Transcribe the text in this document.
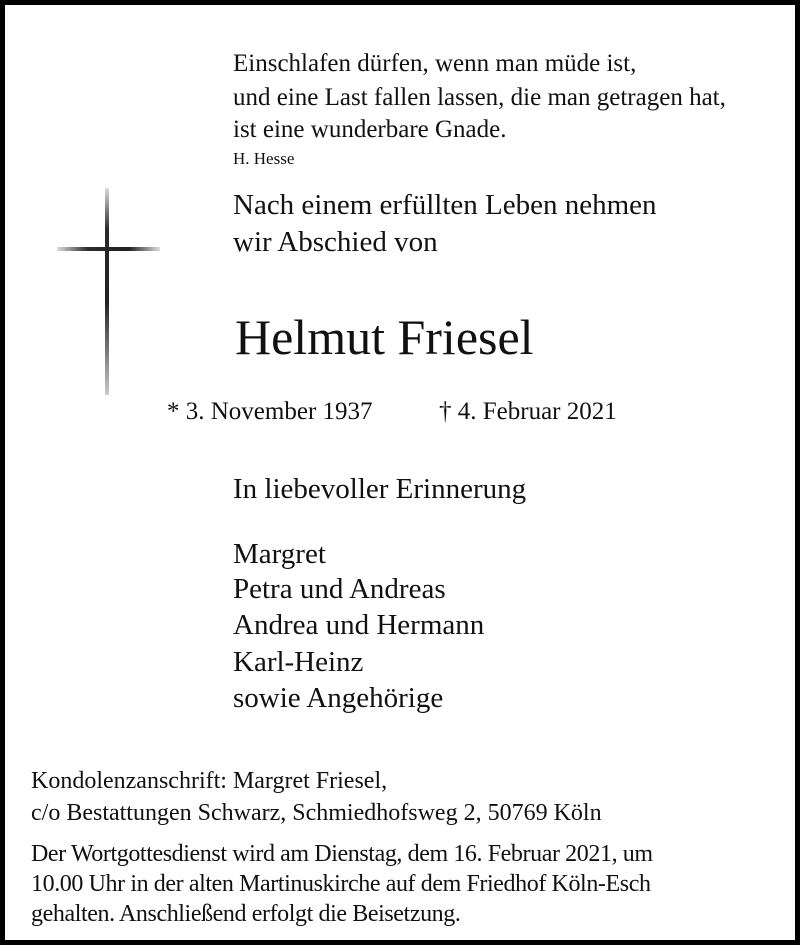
Einschlafen dürfen, wenn man müde ist,

und eine Last fallen lassen, die man getragen hat,

ist eine wunderbare Gnade.

H. Hesse

Nach einem erfüllten Leben nehmen

wir Abschied von

Helmut Friesel

* 3. November 1937	† 4. Februar 2021

In liebevoller Erinnerung

Margret

Petra und Andreas

Andrea und Hermann

Karl-Heinz

sowie Angehörige

Kondolenzanschrift: Margret Friesel,

c/o Bestattungen Schwarz, Schmiedhofsweg 2, 50769 Köln

Der Wortgottesdienst wird am Dienstag, dem 16. Februar 2021, um

10.00 Uhr in der alten Martinuskirche auf dem Friedhof Köln-Esch

gehalten. Anschließend erfolgt die Beisetzung.
